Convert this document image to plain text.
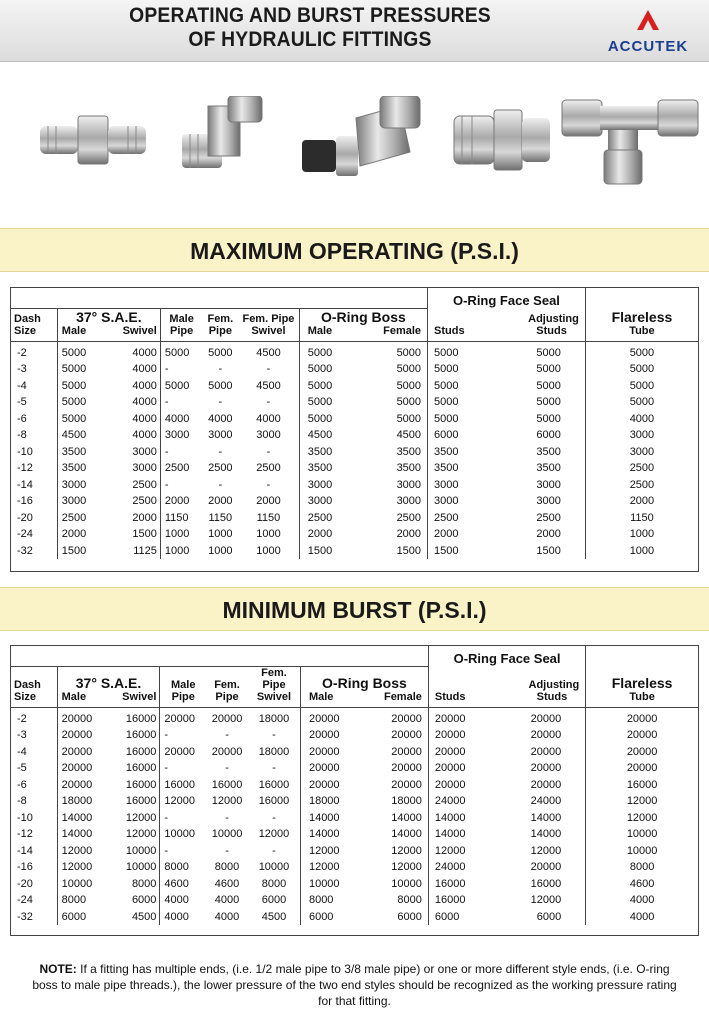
OPERATING AND BURST PRESSURES
OF HYDRAULIC FITTINGS	ACCUTEK
MAXIMUM OPERATING (P.S.I.)
								O-Ring Face Seal		
Dash	37° S.A.E.		Male	Fem.	Fem. Pipe	O-Ring Boss			Adjusting	Flareless
Size	Male	Swivel	Pipe	Pipe	Swivel	Male	Female	Studs	Studs	Tube
-2	5000	4000	5000	5000	4500	5000	5000	5000	5000	5000
-3	5000	4000	-	-	-	5000	5000	5000	5000	5000
-4	5000	4000	5000	5000	4500	5000	5000	5000	5000	5000
-5	5000	4000	-	-	-	5000	5000	5000	5000	5000
-6	5000	4000	4000	4000	4000	5000	5000	5000	5000	4000
-8	4500	4000	3000	3000	3000	4500	4500	6000	6000	3000
-10	3500	3000	-	-	-	3500	3500	3500	3500	3000
-12	3500	3000	2500	2500	2500	3500	3500	3500	3500	2500
-14	3000	2500	-	-	-	3000	3000	3000	3000	2500
-16	3000	2500	2000	2000	2000	3000	3000	3000	3000	2000
-20	2500	2000	1150	1150	1150	2500	2500	2500	2500	1150
-24	2000	1500	1000	1000	1000	2000	2000	2000	2000	1000
-32	1500	1125	1000	1000	1000	1500	1500	1500	1500	1000
MINIMUM BURST (P.S.I.)
								O-Ring Face Seal		
Dash	37° S.A.E.		Male	Fem.	Fem. Pipe	O-Ring Boss			Adjusting	Flareless
Size	Male	Swivel	Pipe	Pipe	Swivel	Male	Female	Studs	Studs	Tube
-2	20000	16000	20000	20000	18000	20000	20000	20000	20000	20000
-3	20000	16000	-	-	-	20000	20000	20000	20000	20000
-4	20000	16000	20000	20000	18000	20000	20000	20000	20000	20000
-5	20000	16000	-	-	-	20000	20000	20000	20000	20000
-6	20000	16000	16000	16000	16000	20000	20000	20000	20000	16000
-8	18000	16000	12000	12000	16000	18000	18000	24000	24000	12000
-10	14000	12000	-	-	-	14000	14000	14000	14000	12000
-12	14000	12000	10000	10000	12000	14000	14000	14000	14000	10000
-14	12000	10000	-	-	-	12000	12000	12000	12000	10000
-16	12000	10000	8000	8000	10000	12000	12000	24000	20000	8000
-20	10000	8000	4600	4600	8000	10000	10000	16000	16000	4600
-24	8000	6000	4000	4000	6000	8000	8000	16000	12000	4000
-32	6000	4500	4000	4000	4500	6000	6000	6000	6000	4000
NOTE: If a fitting has multiple ends, (i.e. 1/2 male pipe to 3/8 male pipe) or one or more different style ends, (i.e. O-ring boss to male pipe threads.), the lower pressure of the two end styles should be recognized as the working pressure rating for that fitting.
